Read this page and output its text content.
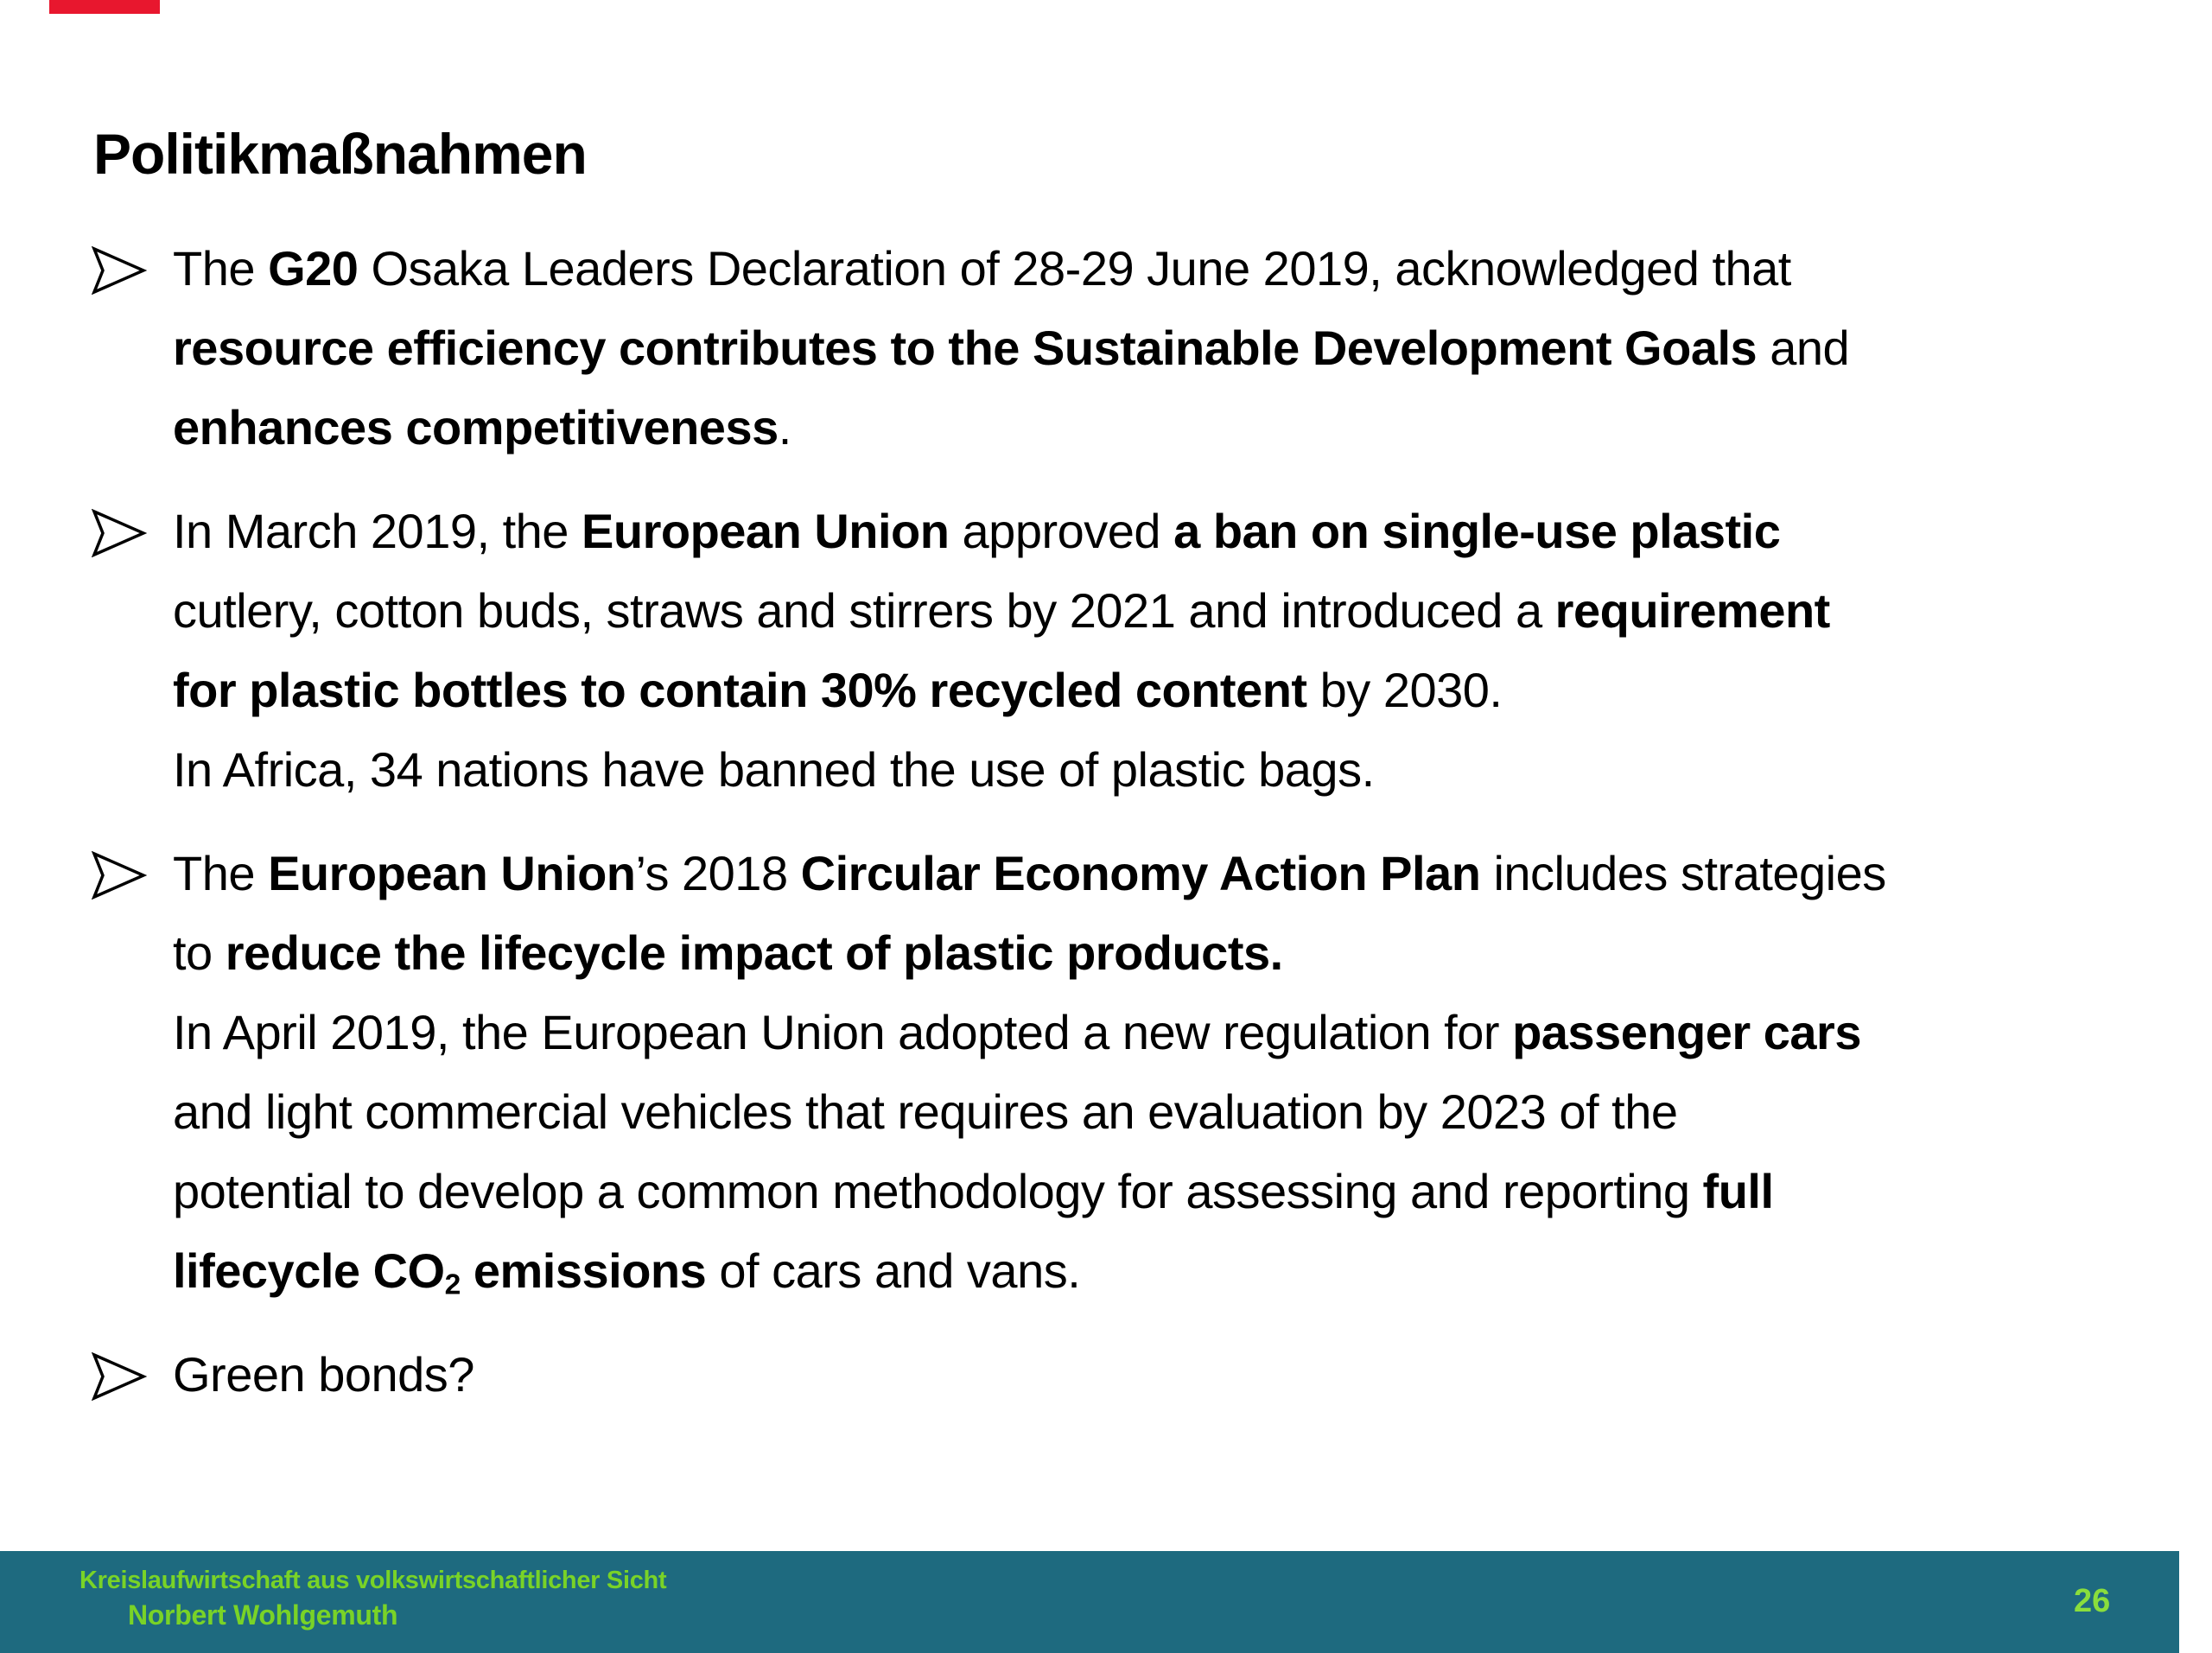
Politikmaßnahmen
The G20 Osaka Leaders Declaration of 28-29 June 2019, acknowledged that
resource efficiency contributes to the Sustainable Development Goals and
enhances competitiveness.
In March 2019, the European Union approved a ban on single-use plastic
cutlery, cotton buds, straws and stirrers by 2021 and introduced a requirement
for plastic bottles to contain 30% recycled content by 2030.
In Africa, 34 nations have banned the use of plastic bags.
The European Union’s 2018 Circular Economy Action Plan includes strategies
to reduce the lifecycle impact of plastic products.
In April 2019, the European Union adopted a new regulation for passenger cars
and light commercial vehicles that requires an evaluation by 2023 of the
potential to develop a common methodology for assessing and reporting full
lifecycle $CO_2$ emissions of cars and vans.
Green bonds?
Kreislaufwirtschaft aus volkswirtschaftlicher Sicht
Norbert Wohlgemuth	26
